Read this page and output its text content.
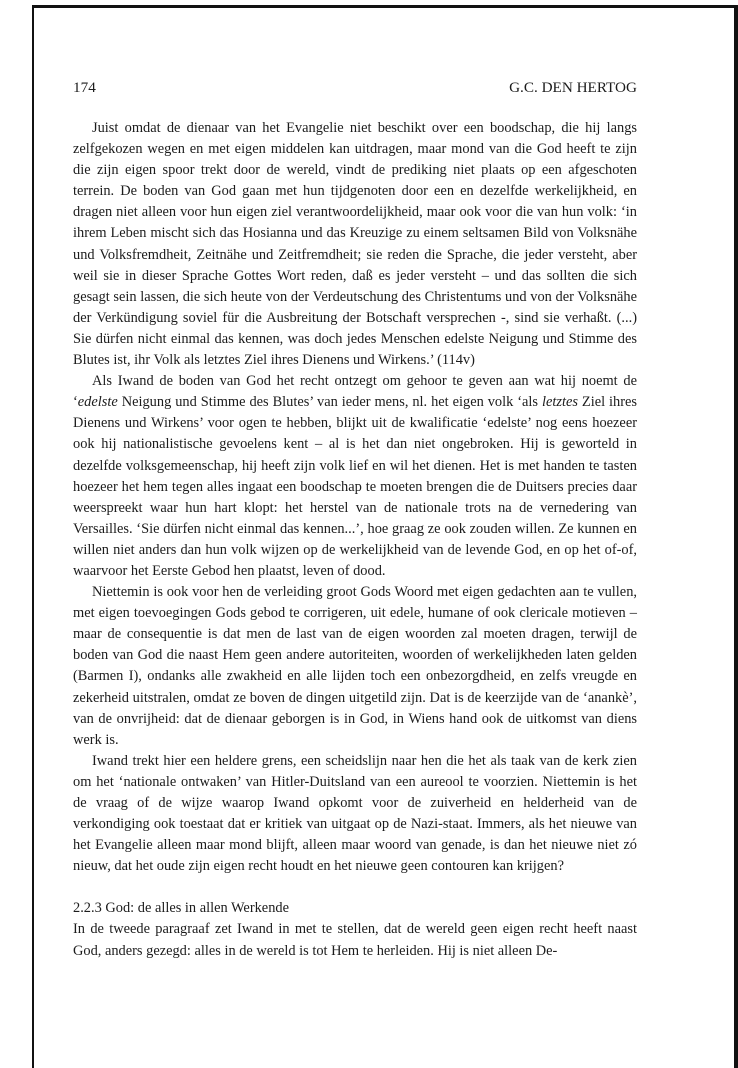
174	G.C. DEN HERTOG

Juist omdat de dienaar van het Evangelie niet beschikt over een boodschap, die hij langs zelfgekozen wegen en met eigen middelen kan uitdragen, maar mond van die God heeft te zijn die zijn eigen spoor trekt door de wereld, vindt de prediking niet plaats op een afgeschoten terrein. De boden van God gaan met hun tijdgenoten door een en dezelfde werkelijkheid, en dragen niet alleen voor hun eigen ziel verantwoordelijkheid, maar ook voor die van hun volk: ‘in ihrem Leben mischt sich das Hosianna und das Kreuzige zu einem seltsamen Bild von Volksnähe und Volksfremdheit, Zeitnähe und Zeitfremdheit; sie reden die Sprache, die jeder versteht, aber weil sie in dieser Sprache Gottes Wort reden, daß es jeder versteht – und das sollten die sich gesagt sein lassen, die sich heute von der Verdeutschung des Christentums und von der Volksnähe der Verkündigung soviel für die Ausbreitung der Botschaft versprechen -, sind sie verhaßt. (...) Sie dürfen nicht einmal das kennen, was doch jedes Menschen edelste Neigung und Stimme des Blutes ist, ihr Volk als letztes Ziel ihres Dienens und Wirkens.’ (114v)

Als Iwand de boden van God het recht ontzegt om gehoor te geven aan wat hij noemt de ‘edelste Neigung und Stimme des Blutes’ van ieder mens, nl. het eigen volk ‘als letztes Ziel ihres Dienens und Wirkens’ voor ogen te hebben, blijkt uit de kwalificatie ‘edelste’ nog eens hoezeer ook hij nationalistische gevoelens kent – al is het dan niet ongebroken. Hij is geworteld in dezelfde volksgemeenschap, hij heeft zijn volk lief en wil het dienen. Het is met handen te tasten hoezeer het hem tegen alles ingaat een boodschap te moeten brengen die de Duitsers precies daar weerspreekt waar hun hart klopt: het herstel van de nationale trots na de vernedering van Versailles. ‘Sie dürfen nicht einmal das kennen...’, hoe graag ze ook zouden willen. Ze kunnen en willen niet anders dan hun volk wijzen op de werkelijkheid van de levende God, en op het of-of, waarvoor het Eerste Gebod hen plaatst, leven of dood.

Niettemin is ook voor hen de verleiding groot Gods Woord met eigen gedachten aan te vullen, met eigen toevoegingen Gods gebod te corrigeren, uit edele, humane of ook clericale motieven – maar de consequentie is dat men de last van de eigen woorden zal moeten dragen, terwijl de boden van God die naast Hem geen andere autoriteiten, woorden of werkelijkheden laten gelden (Barmen I), ondanks alle zwakheid en alle lijden toch een onbezorgdheid, en zelfs vreugde en zekerheid uitstralen, omdat ze boven de dingen uitgetild zijn. Dat is de keerzijde van de ‘anankè’, van de onvrijheid: dat de dienaar geborgen is in God, in Wiens hand ook de uitkomst van diens werk is.

Iwand trekt hier een heldere grens, een scheidslijn naar hen die het als taak van de kerk zien om het ‘nationale ontwaken’ van Hitler-Duitsland van een aureool te voorzien. Niettemin is het de vraag of de wijze waarop Iwand opkomt voor de zuiverheid en helderheid van de verkondiging ook toestaat dat er kritiek van uitgaat op de Nazi-staat. Immers, als het nieuwe van het Evangelie alleen maar mond blijft, alleen maar woord van genade, is dan het nieuwe niet zó nieuw, dat het oude zijn eigen recht houdt en het nieuwe geen contouren kan krijgen?

2.2.3 God: de alles in allen Werkende

In de tweede paragraaf zet Iwand in met te stellen, dat de wereld geen eigen recht heeft naast God, anders gezegd: alles in de wereld is tot Hem te herleiden. Hij is niet alleen De-
